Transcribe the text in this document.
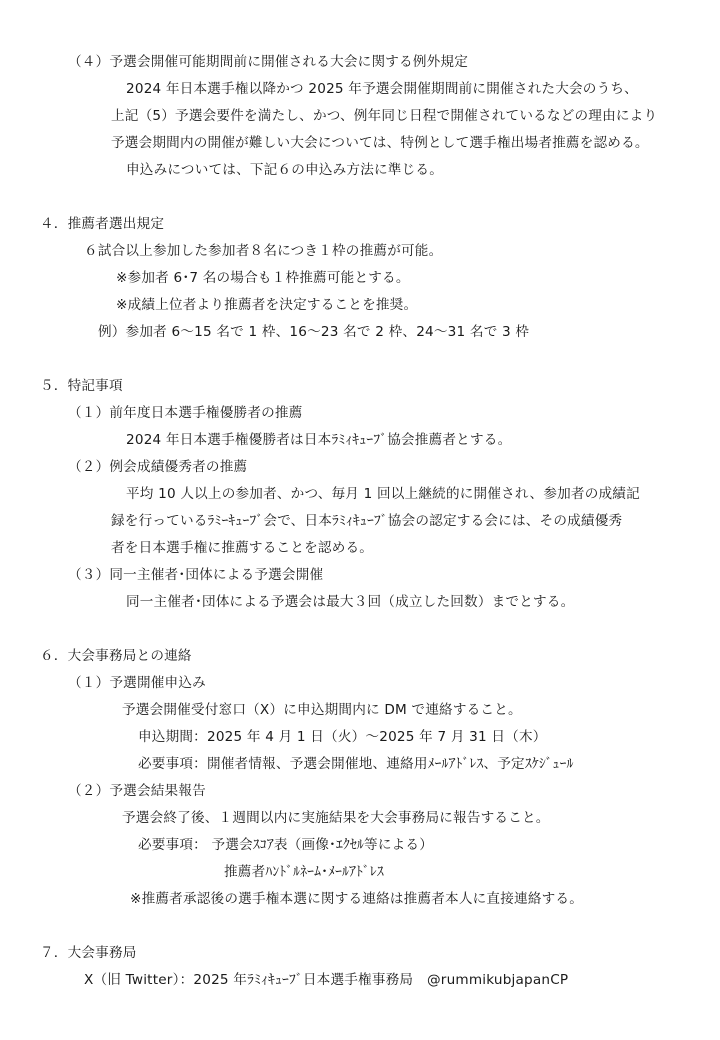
（４）予選会開催可能期間前に開催される大会に関する例外規定
2024 年日本選手権以降かつ 2025 年予選会開催期間前に開催された大会のうち、
上記（5）予選会要件を満たし、かつ、例年同じ日程で開催されているなどの理由により
予選会期間内の開催が難しい大会については、特例として選手権出場者推薦を認める。
申込みについては、下記６の申込み方法に準じる。
４．推薦者選出規定
６試合以上参加した参加者８名につき１枠の推薦が可能。
※参加者 6･7 名の場合も１枠推薦可能とする。
※成績上位者より推薦者を決定することを推奨。
例）参加者 6～15 名で 1 枠、16～23 名で 2 枠、24～31 名で 3 枠
５．特記事項
（１）前年度日本選手権優勝者の推薦
2024 年日本選手権優勝者は日本ﾗﾐｨｷｭｰﾌﾞ協会推薦者とする。
（２）例会成績優秀者の推薦
平均 10 人以上の参加者、かつ、毎月 1 回以上継続的に開催され、参加者の成績記
録を行っているﾗﾐｰｷｭｰﾌﾞ会で、日本ﾗﾐｨｷｭｰﾌﾞ協会の認定する会には、その成績優秀
者を日本選手権に推薦することを認める。
（３）同一主催者･団体による予選会開催
同一主催者･団体による予選会は最大３回（成立した回数）までとする。
６．大会事務局との連絡
（１）予選開催申込み
予選会開催受付窓口（X）に申込期間内に DM で連絡すること。
申込期間：2025 年 4 月 1 日（火）～2025 年 7 月 31 日（木）
必要事項：開催者情報、予選会開催地、連絡用ﾒｰﾙｱﾄﾞﾚｽ、予定ｽｹｼﾞｭｰﾙ
（２）予選会結果報告
予選会終了後、１週間以内に実施結果を大会事務局に報告すること。
必要事項： 予選会ｽｺｱ表（画像･ｴｸｾﾙ等による）
推薦者ﾊﾝﾄﾞﾙﾈｰﾑ･ﾒｰﾙｱﾄﾞﾚｽ
※推薦者承認後の選手権本選に関する連絡は推薦者本人に直接連絡する。
７．大会事務局
X（旧 Twitter）：2025 年ﾗﾐｨｷｭｰﾌﾞ日本選手権事務局　@rummikubjapanCP
